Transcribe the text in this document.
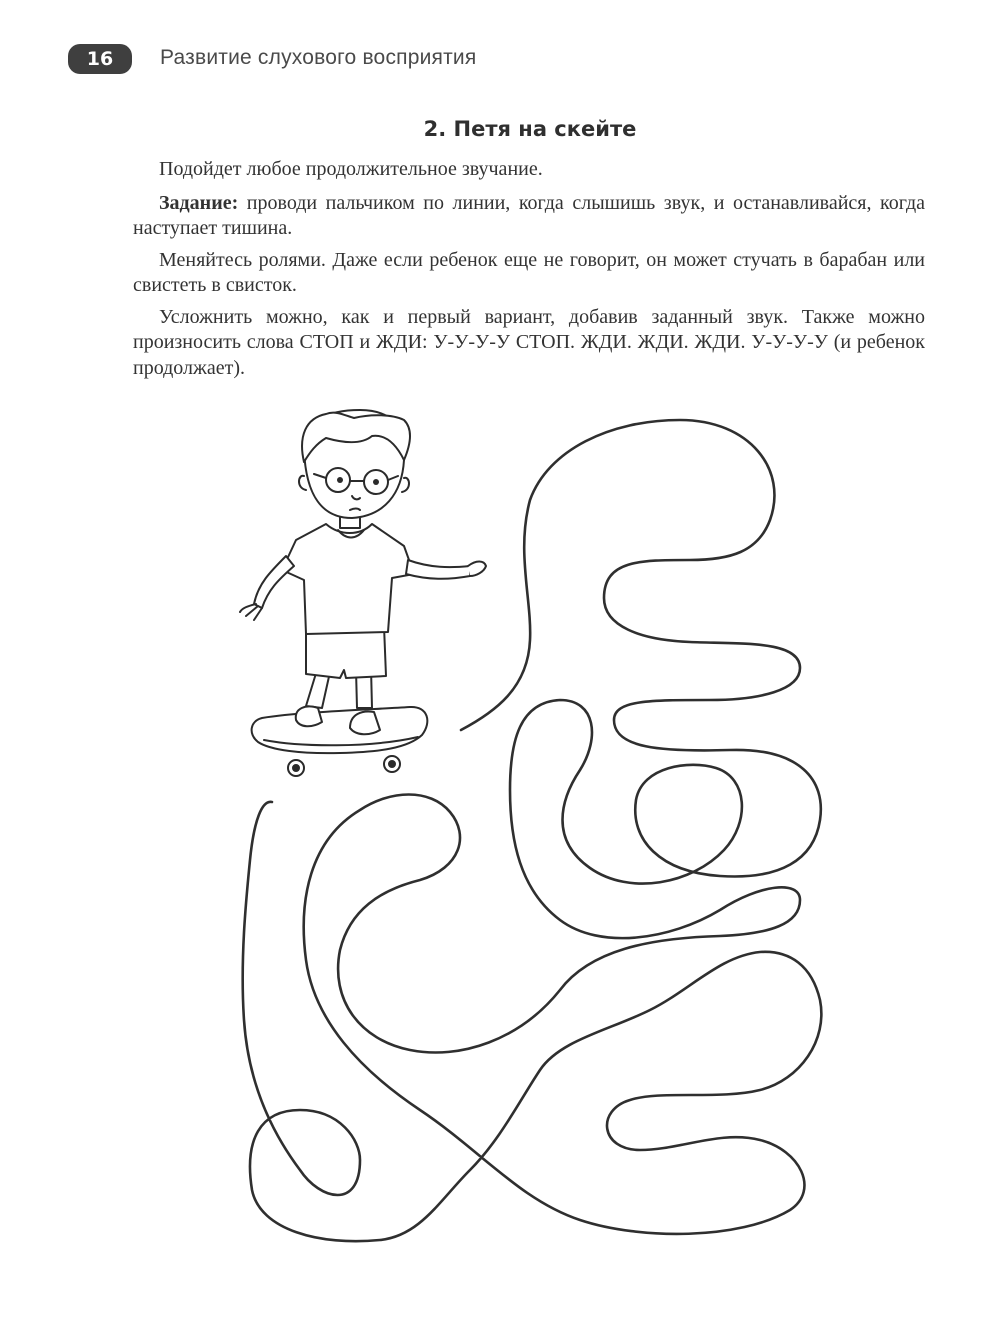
16 Развитие слухового восприятия
2. Петя на скейте

Подойдет любое продолжительное звучание.

Задание: проводи пальчиком по линии, когда слышишь звук, и останавливайся, когда наступает тишина.

Меняйтесь ролями. Даже если ребенок еще не говорит, он может стучать в барабан или свистеть в свисток.

Усложнить можно, как и первый вариант, добавив заданный звук. Также можно произносить слова СТОП и ЖДИ: У-У-У-У СТОП. ЖДИ. ЖДИ. ЖДИ. У-У-У-У (и ребенок продолжает).
